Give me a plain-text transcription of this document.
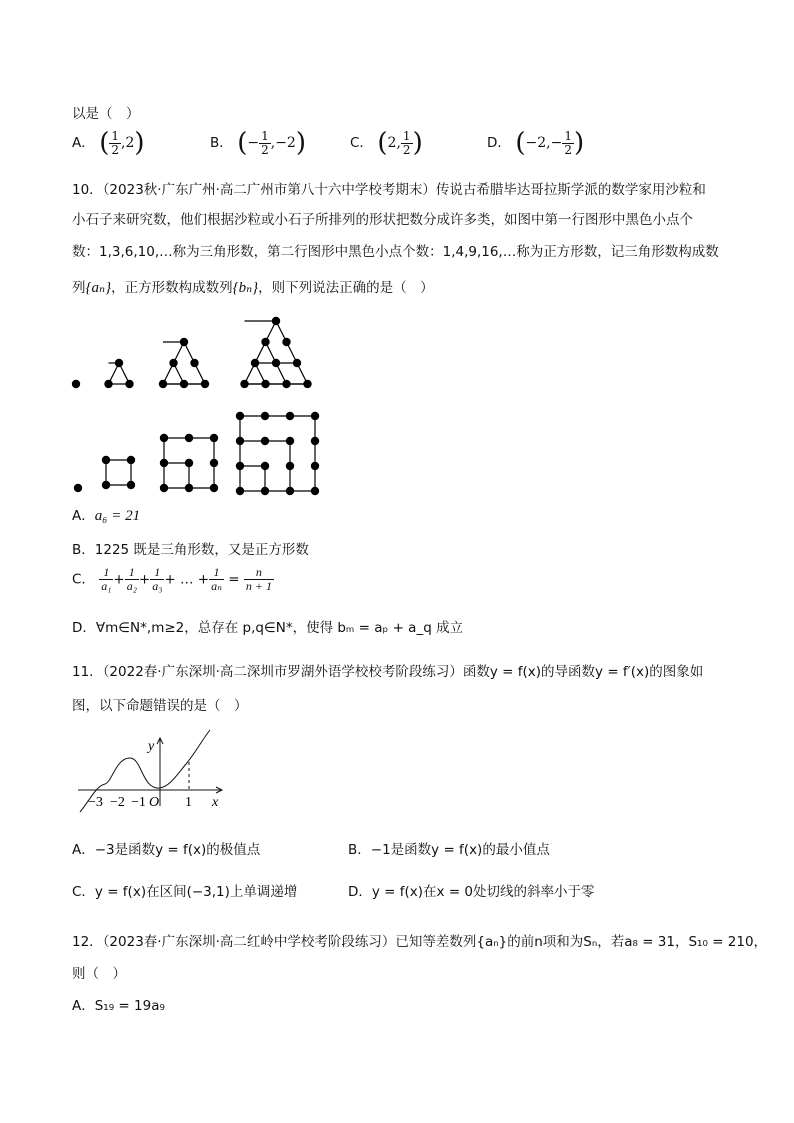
以是（　）
A． ( $\frac{1}{2} ,2$)	B． (− $\frac{1}{2} ,-2$)	C． (2, $\frac{1}{2}$ )	D． ($-2,- \frac{1}{2}$ )
10．（2023秋·广东广州·高二广州市第八十六中学校考期末）传说古希腊毕达哥拉斯学派的数学家用沙粒和
小石子来研究数，他们根据沙粒或小石子所排列的形状把数分成许多类，如图中第一行图形中黑色小点个
数：1,3,6,10,…称为三角形数，第二行图形中黑色小点个数：1,4,9,16,…称为正方形数，记三角形数构成数
列{aₙ}，正方形数构成数列{bₙ}，则下列说法正确的是（　）
A．a₆ = 21
B．1225 既是三角形数，又是正方形数
C． $\frac{1}{\text{a₁}} + \frac{1}{\text{a₂}} + \frac{1}{\text{a₃}}$ + … + $\frac{1}{\text{aₙ}} = \frac{n}{n + 1}$
D．∀m∈N*,m≥2，总存在 p,q∈N*，使得 bₘ = aₚ + a_q 成立
11．（2022春·广东深圳·高二深圳市罗湖外语学校校考阶段练习）函数y = f(x)的导函数y = f′(x)的图象如
图，以下命题错误的是（　）
y
x
O
−3 −2 −1	1
A．−3是函数y = f(x)的极值点	B．−1是函数y = f(x)的最小值点
C．y = f(x)在区间(−3,1)上单调递增	D．y = f(x)在x = 0处切线的斜率小于零
12．（2023春·广东深圳·高二红岭中学校考阶段练习）已知等差数列{aₙ}的前n项和为Sₙ，若a₈ = 31，S₁₀ = 210，
则（　）
A．S₁₉ = 19a₉
